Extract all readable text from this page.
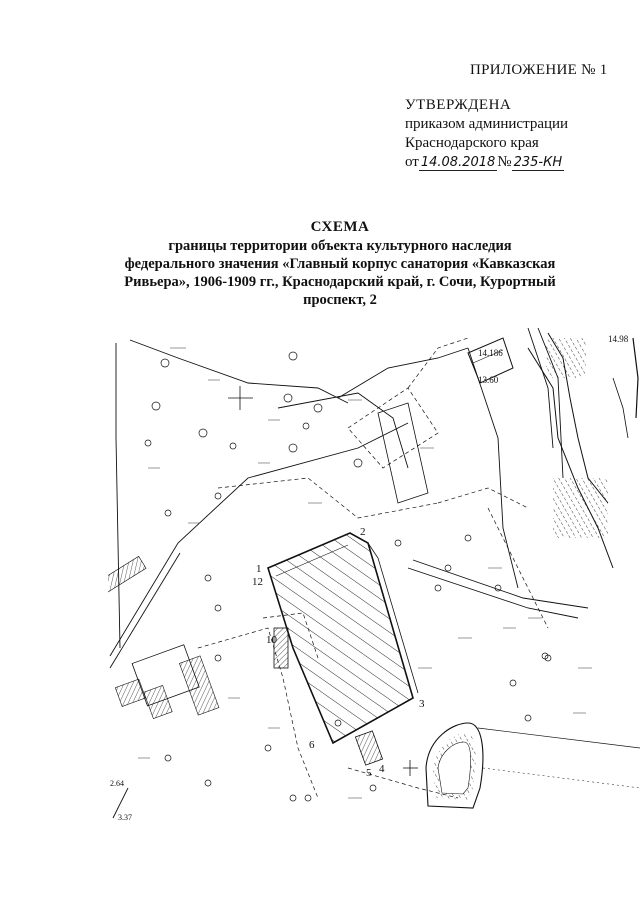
ПРИЛОЖЕНИЕ № 1
УТВЕРЖДЕНА
приказом администрации
Краснодарского края
от 14.08.2018 № 235-КН
СХЕМА
границы территории объекта культурного наследия
федерального значения «Главный корпус санатория «Кавказская
Ривьера», 1906-1909 гг., Краснодарский край, г. Сочи, Курортный
проспект, 2
1
2
3
4
5
6
10
12
14.98
14.186
13.60
2.64
3.37
